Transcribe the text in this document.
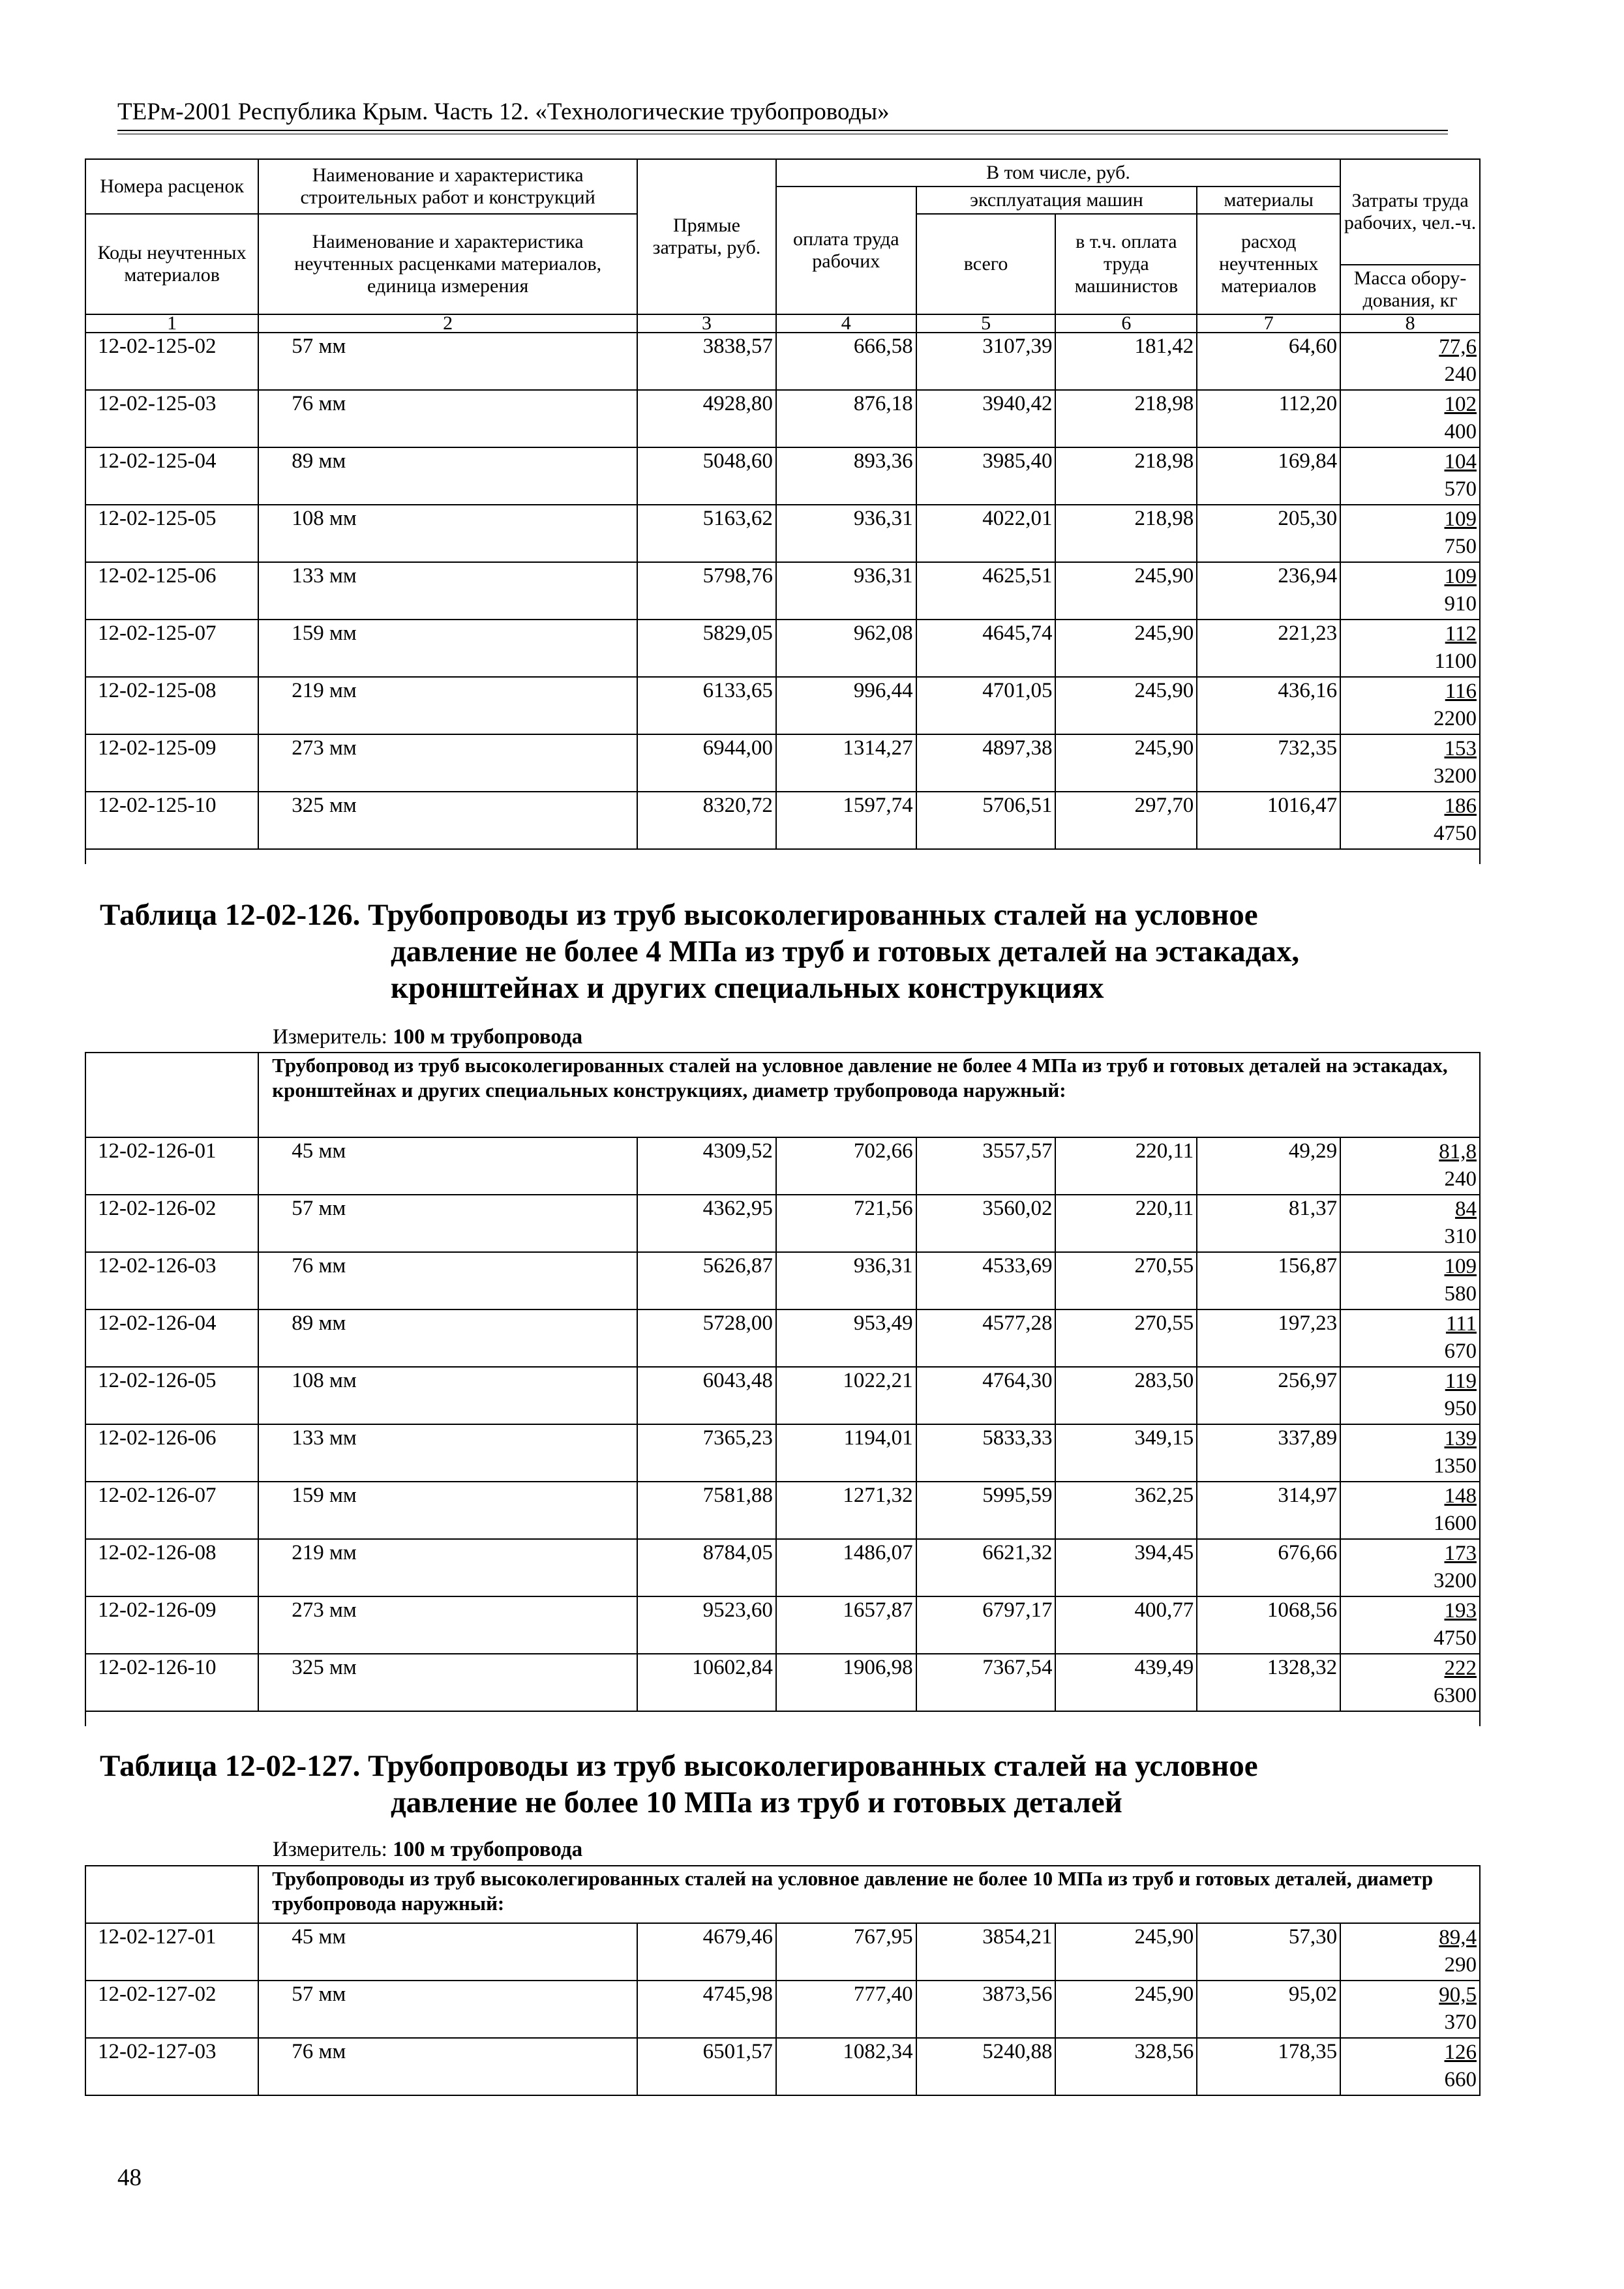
ТЕРм-2001 Республика Крым. Часть 12. «Технологические трубопроводы»
Номера расценок	Наименование и характеристика строительных работ и конструкций	Прямые затраты, руб.	В том числе, руб.				Затраты труда рабочих, чел.-ч.
			оплата труда рабочих	эксплуатация машин		материалы	
Коды неучтенных материалов	Наименование и характеристика неучтенных расценками материалов, единица измерения			всего	в т.ч. оплата труда машинистов	расход неучтенных материалов	
							Масса обору-дования, кг
1	2	3	4	5	6	7	8
12-02-125-02	57 мм	3838,57	666,58	3107,39	181,42	64,60	77,6
240

12-02-125-03	76 мм	4928,80	876,18	3940,42	218,98	112,20	102
400

12-02-125-04	89 мм	5048,60	893,36	3985,40	218,98	169,84	104
570

12-02-125-05	108 мм	5163,62	936,31	4022,01	218,98	205,30	109
750

12-02-125-06	133 мм	5798,76	936,31	4625,51	245,90	236,94	109
910

12-02-125-07	159 мм	5829,05	962,08	4645,74	245,90	221,23	112
1100

12-02-125-08	219 мм	6133,65	996,44	4701,05	245,90	436,16	116
2200

12-02-125-09	273 мм	6944,00	1314,27	4897,38	245,90	732,35	153
3200

12-02-125-10	325 мм	8320,72	1597,74	5706,51	297,70	1016,47	186
4750

Таблица 12-02-126. Трубопроводы из труб высоколегированных сталей на условное
давление не более 4 МПа из труб и готовых деталей на эстакадах,
кронштейнах и других специальных конструкциях
Измеритель: 100 м трубопровода
	Трубопровод из труб высоколегированных сталей на условное давление не более 4 МПа из труб и готовых деталей на эстакадах, кронштейнах и других специальных конструкциях, диаметр трубопровода наружный:						
12-02-126-01	45 мм	4309,52	702,66	3557,57	220,11	49,29	81,8
240

12-02-126-02	57 мм	4362,95	721,56	3560,02	220,11	81,37	84
310

12-02-126-03	76 мм	5626,87	936,31	4533,69	270,55	156,87	109
580

12-02-126-04	89 мм	5728,00	953,49	4577,28	270,55	197,23	111
670

12-02-126-05	108 мм	6043,48	1022,21	4764,30	283,50	256,97	119
950

12-02-126-06	133 мм	7365,23	1194,01	5833,33	349,15	337,89	139
1350

12-02-126-07	159 мм	7581,88	1271,32	5995,59	362,25	314,97	148
1600

12-02-126-08	219 мм	8784,05	1486,07	6621,32	394,45	676,66	173
3200

12-02-126-09	273 мм	9523,60	1657,87	6797,17	400,77	1068,56	193
4750

12-02-126-10	325 мм	10602,84	1906,98	7367,54	439,49	1328,32	222
6300

Таблица 12-02-127. Трубопроводы из труб высоколегированных сталей на условное
давление не более 10 МПа из труб и готовых деталей
Измеритель: 100 м трубопровода
	Трубопроводы из труб высоколегированных сталей на условное давление не более 10 МПа из труб и готовых деталей, диаметр трубопровода наружный:						
12-02-127-01	45 мм	4679,46	767,95	3854,21	245,90	57,30	89,4
290

12-02-127-02	57 мм	4745,98	777,40	3873,56	245,90	95,02	90,5
370

12-02-127-03	76 мм	6501,57	1082,34	5240,88	328,56	178,35	126
660
48
